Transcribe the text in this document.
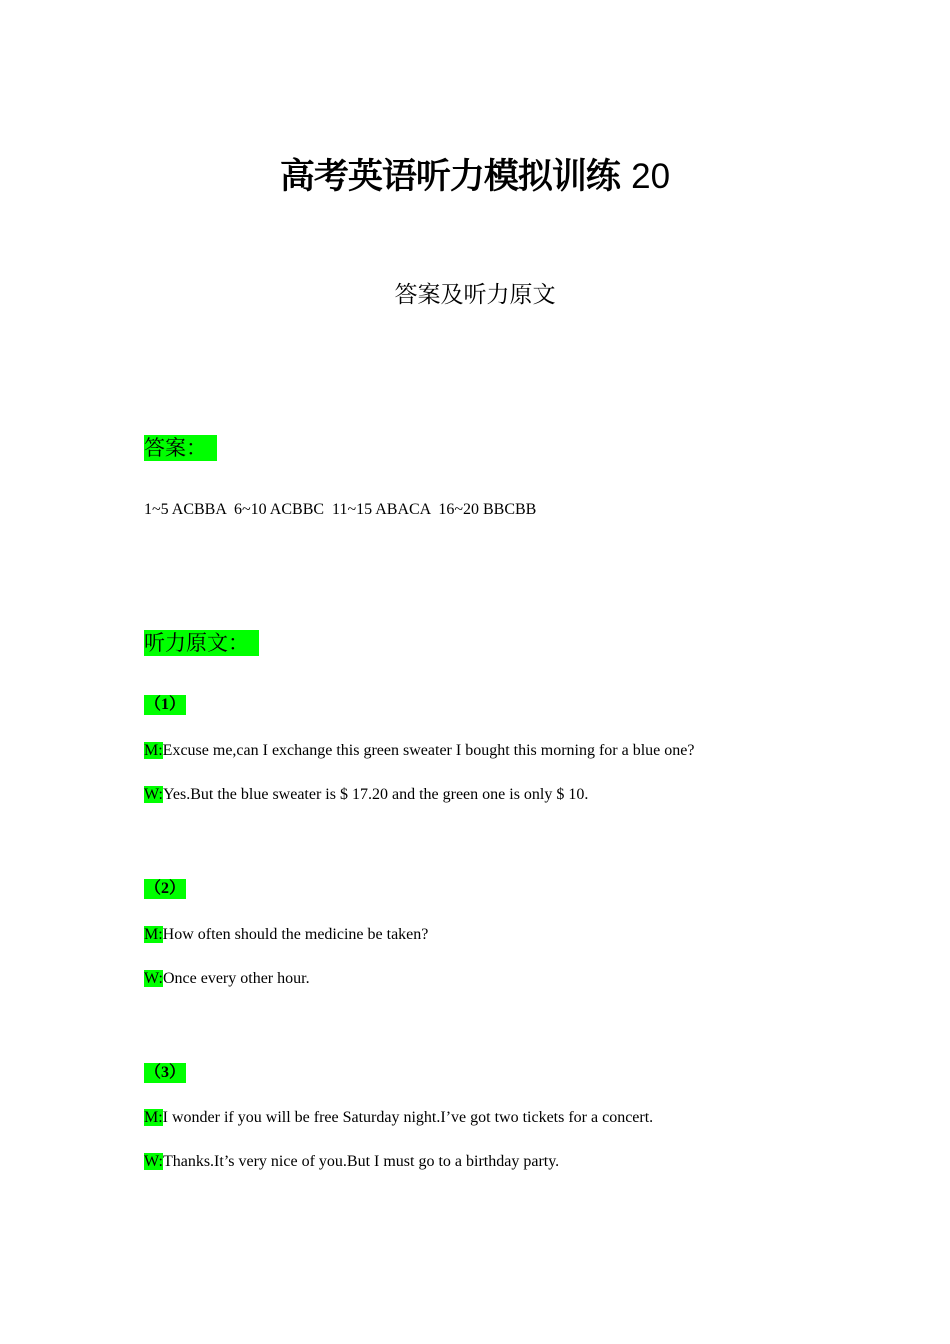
高考英语听力模拟训练 20
答案及听力原文
答案：
1~5 ACBBA  6~10 ACBBC  11~15 ABACA  16~20 BBCBB
听力原文：
（1）
M:Excuse me,can I exchange this green sweater I bought this morning for a blue one?
W:Yes.But the blue sweater is $ 17.20 and the green one is only $ 10.
（2）
M:How often should the medicine be taken?
W:Once every other hour.
（3）
M:I wonder if you will be free Saturday night.I’ve got two tickets for a concert.
W:Thanks.It’s very nice of you.But I must go to a birthday party.
